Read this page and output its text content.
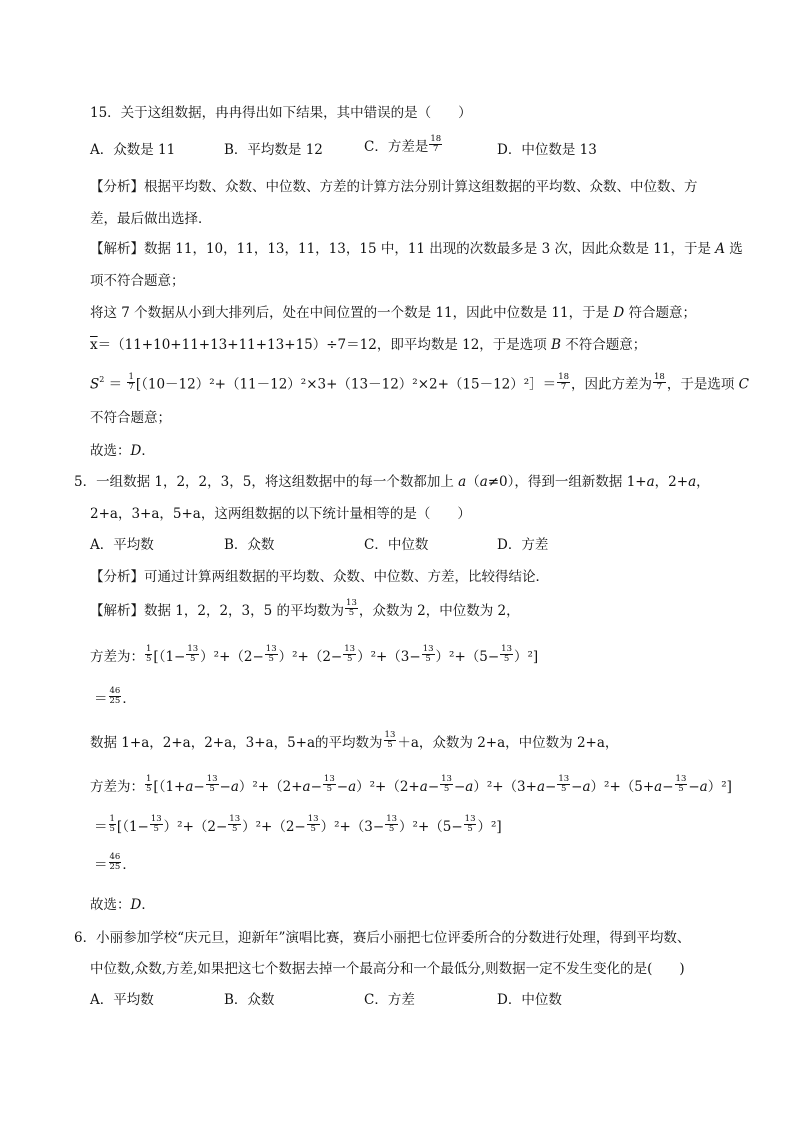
15．关于这组数据，冉冉得出如下结果，其中错误的是（　　）
A．众数是 11	B．平均数是 12	C．方差是 $\frac{18}{7}$	D．中位数是 13
【分析】根据平均数、众数、中位数、方差的计算方法分别计算这组数据的平均数、众数、中位数、方
差，最后做出选择．
【解析】数据 11，10，11，13，11，13，15 中，11 出现的次数最多是 3 次，因此众数是 11，于是 A 选
项不符合题意；
将这 7 个数据从小到大排列后，处在中间位置的一个数是 11，因此中位数是 11，于是 D 符合题意；
$\overline{x}=(11+10+11+13+11+13+15)\div 7=12$，即平均数是 12，于是选项 B 不符合题意；
$S^2 = \frac{1}{7}$ [（10－12）²+（11－12）²×3+（13－12）²×2+（15－12）²］＝ $\frac{18}{7}$ ，因此方差为 $\frac{18}{7}$ ，于是选项 C
不符合题意；
故选：D．
5．一组数据 1，2，2，3，5，将这组数据中的每一个数都加上 a（a≠0），得到一组新数据 1+a，2+a，
2+a，3+a，5+a，这两组数据的以下统计量相等的是（　　）
A．平均数	B．众数	C．中位数	D．方差
【分析】可通过计算两组数据的平均数、众数、中位数、方差，比较得结论．
【解析】数据 1，2，2，3，5 的平均数为 $\frac{13}{5}$ ，众数为 2，中位数为 2，
方差为： $\frac{1}{5} [(1- \frac{13}{5} )^2+(2- \frac{13}{5} )^2+(2- \frac{13}{5} )^2+(3- \frac{13}{5} )^2+(5- \frac{13}{5} )^2]$
＝ $\frac{46}{25}$ ．
数据 1+a，2+a，2+a，3+a，5+a的平均数为 $\frac{13}{5} +a$，众数为 2+a，中位数为 2+a，
方差为： $\frac{1}{5} [(1+a- \frac{13}{5} -a)^2+(2+a- \frac{13}{5} -a)^2+(2+a- \frac{13}{5} -a)^2+(3+a- \frac{13}{5} -a)^2+(5+a- \frac{13}{5} -a)^2]$
＝ $\frac{1}{5} [(1- \frac{13}{5} )^2+(2- \frac{13}{5} )^2+(2- \frac{13}{5} )^2+(3- \frac{13}{5} )^2+(5- \frac{13}{5} )^2]$
＝ $\frac{46}{25}$ ．
故选：D．
6．小丽参加学校“庆元旦，迎新年”演唱比赛，赛后小丽把七位评委所合的分数进行处理，得到平均数、
中位数,众数,方差,如果把这七个数据去掉一个最高分和一个最低分,则数据一定不发生变化的是(　　)
A．平均数	B．众数	C．方差	D．中位数
